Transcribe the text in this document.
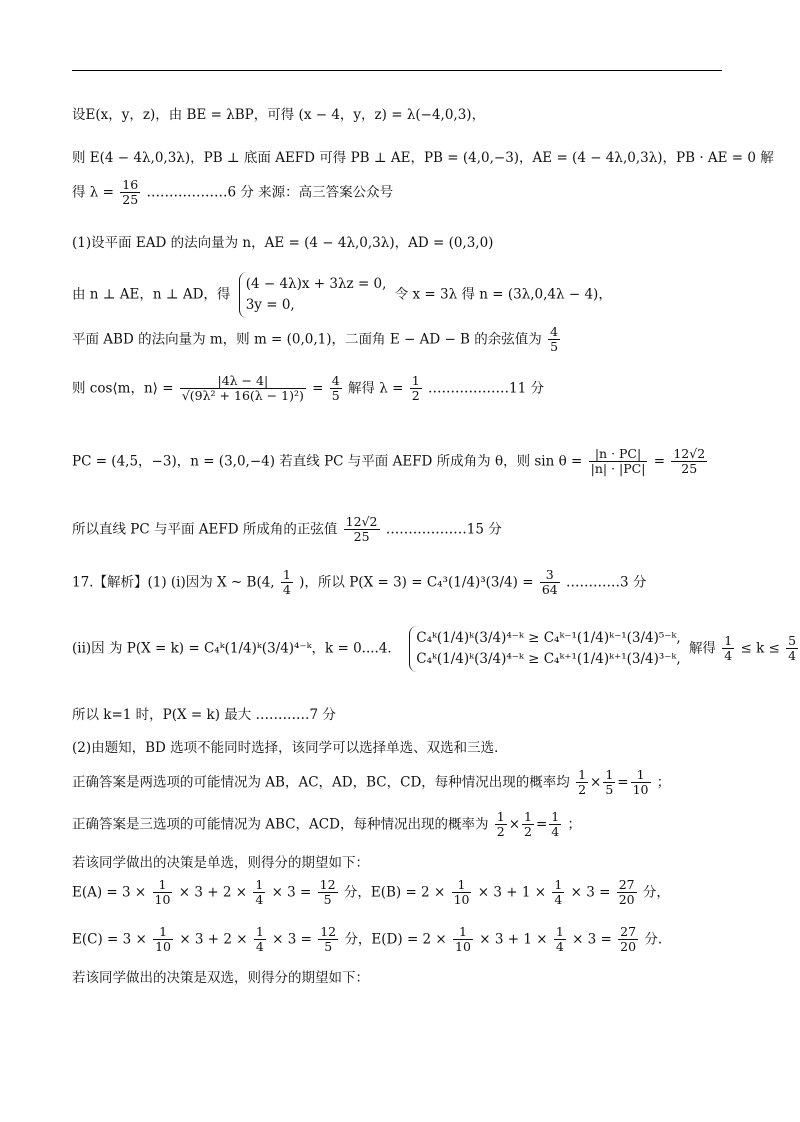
设E(x，y，z)，由 BE = λBP，可得 (x − 4，y，z) = λ(−4,0,3)，
则 E(4 − 4λ,0,3λ)，PB ⊥ 底面 AEFD 可得 PB ⊥ AE，PB = (4,0,−3)，AE = (4 − 4λ,0,3λ)，PB · AE = 0 解
得 $\lambda = \frac{16}{25}$ ………………6 分 来源：高三答案公众号
(1)设平面 EAD 的法向量为 n，AE = (4 − 4λ,0,3λ)，AD = (0,3,0)
由 n ⊥ AE，n ⊥ AD，得
(4 − 4λ)x + 3λz = 0,
3y = 0,
令 x = 3λ 得 n = (3λ,0,4λ − 4)，
平面 ABD 的法向量为 m，则 m = (0,0,1)，二面角 E − AD − B 的余弦值为 $\frac{4}{5}$
则 cos⟨m，n⟩ = $\frac{|4\lambda - 4|}{\text{√(9λ² + 16(λ − 1)²)}} = \frac{4}{5}$ 解得 $\lambda = \frac{1}{2}$ ………………11 分
PC = (4,5，−3)，n = (3,0,−4) 若直线 PC 与平面 AEFD 所成角为 θ，则 $\sin \theta = \frac{|n \cdot PC|}{|n| \cdot |PC|} = \frac{12√2}{25}$
所以直线 PC 与平面 AEFD 所成角的正弦值 $\frac{12√2}{25}$ ………………15 分
17.【解析】(1) (i)因为 X ~ B(4, $\frac{1}{4}$ )，所以 $P(X = 3) = C_4^3(1/4)^3(3/4) = \frac{3}{64}$ …………3 分
(ii)因 为 P(X = k) = C₄ᵏ(1/4)ᵏ(3/4)⁴⁻ᵏ，k = 0....4．
C₄ᵏ(1/4)ᵏ(3/4)⁴⁻ᵏ ≥ C₄ᵏ⁻¹(1/4)ᵏ⁻¹(3/4)⁵⁻ᵏ,
C₄ᵏ(1/4)ᵏ(3/4)⁴⁻ᵏ ≥ C₄ᵏ⁺¹(1/4)ᵏ⁺¹(3/4)³⁻ᵏ,
解得 $\frac{1}{4} \le k \le \frac{5}{4}$
所以 k=1 时，P(X = k) 最大 …………7 分
(2)由题知，BD 选项不能同时选择，该同学可以选择单选、双选和三选．
正确答案是两选项的可能情况为 AB，AC，AD，BC，CD，每种情况出现的概率均 $\frac{1}{2} \times \frac{1}{5} = \frac{1}{10}$ ；
正确答案是三选项的可能情况为 ABC，ACD，每种情况出现的概率为 $\frac{1}{2} \times \frac{1}{2} = \frac{1}{4}$ ；
若该同学做出的决策是单选，则得分的期望如下：
$E(A) = 3 \times \frac{1}{10} \times 3 + 2 \times \frac{1}{4} \times 3 = \frac{12}{5}$ 分，$E(B) = 2 \times \frac{1}{10} \times 3 + 1 \times \frac{1}{4} \times 3 = \frac{27}{20}$ 分，
$E(C) = 3 \times \frac{1}{10} \times 3 + 2 \times \frac{1}{4} \times 3 = \frac{12}{5}$ 分，$E(D) = 2 \times \frac{1}{10} \times 3 + 1 \times \frac{1}{4} \times 3 = \frac{27}{20}$ 分.
若该同学做出的决策是双选，则得分的期望如下：
